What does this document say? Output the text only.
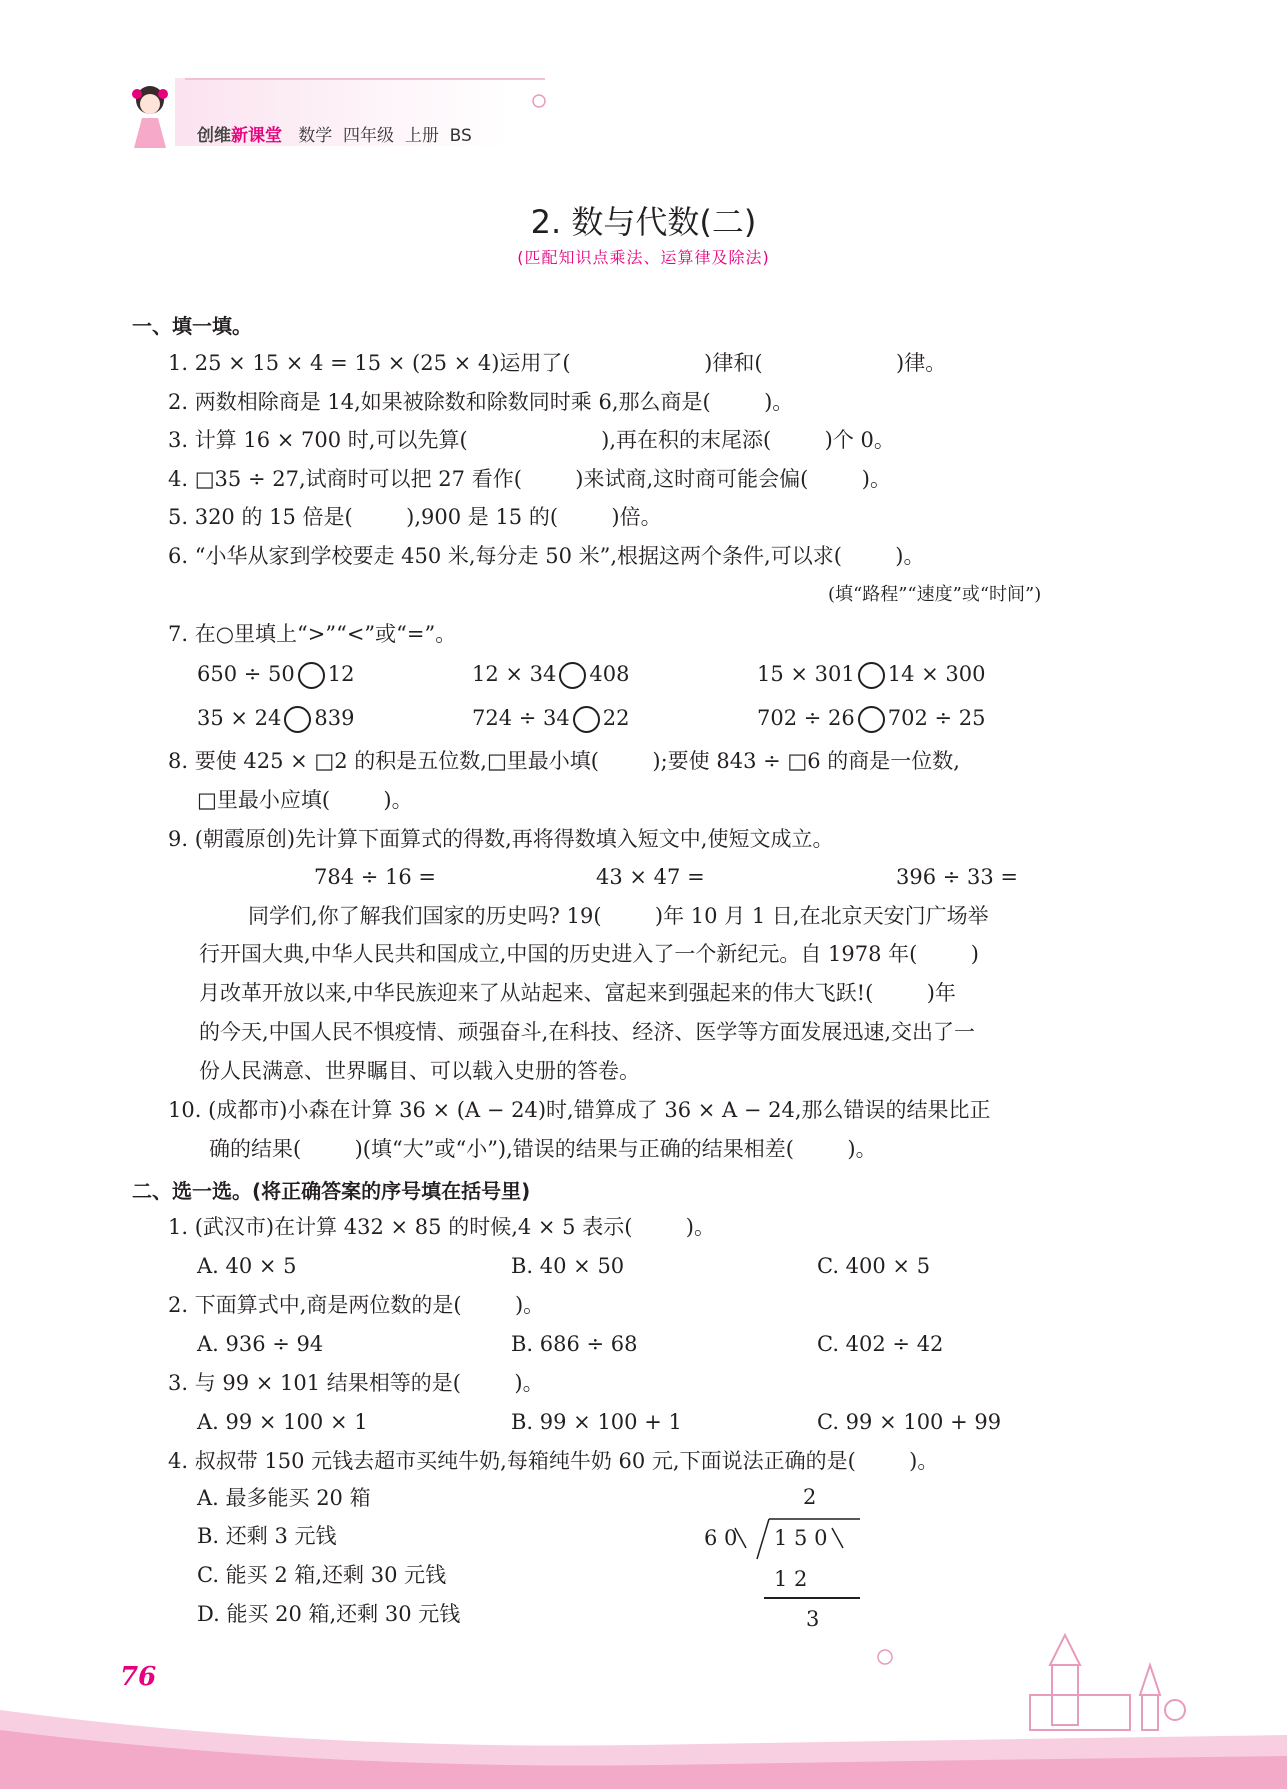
创维新课堂 数学 四年级 上册 BS
2. 数与代数(二)
(匹配知识点乘法、运算律及除法)
一、填一填。
1. 25 × 15 × 4 = 15 × (25 × 4)运用了(                    )律和(                    )律。
2. 两数相除商是 14,如果被除数和除数同时乘 6,那么商是(        )。
3. 计算 16 × 700 时,可以先算(                    ),再在积的末尾添(        )个 0。
4. □35 ÷ 27,试商时可以把 27 看作(        )来试商,这时商可能会偏(        )。
5. 320 的 15 倍是(        ),900 是 15 的(        )倍。
6. “小华从家到学校要走 450 米,每分走 50 米”,根据这两个条件,可以求(        )。
(填“路程”“速度”或“时间”)
7. 在○里填上“>”“<”或“=”。
650 ÷ 50 12	12 × 34 408	15 × 301 14 × 300
35 × 24 839	724 ÷ 34 22	702 ÷ 26 702 ÷ 25
8. 要使 425 × □2 的积是五位数,□里最小填(        );要使 843 ÷ □6 的商是一位数,
□里最小应填(        )。
9. (朝霞原创)先计算下面算式的得数,再将得数填入短文中,使短文成立。
784 ÷ 16 =	43 × 47 =	396 ÷ 33 =
同学们,你了解我们国家的历史吗? 19(        )年 10 月 1 日,在北京天安门广场举
行开国大典,中华人民共和国成立,中国的历史进入了一个新纪元。自 1978 年(        )
月改革开放以来,中华民族迎来了从站起来、富起来到强起来的伟大飞跃!(        )年
的今天,中国人民不惧疫情、顽强奋斗,在科技、经济、医学等方面发展迅速,交出了一
份人民满意、世界瞩目、可以载入史册的答卷。
10. (成都市)小森在计算 36 × (A − 24)时,错算成了 36 × A − 24,那么错误的结果比正
确的结果(        )(填“大”或“小”),错误的结果与正确的结果相差(        )。
二、选一选。(将正确答案的序号填在括号里)
1. (武汉市)在计算 432 × 85 的时候,4 × 5 表示(        )。
A. 40 × 5	B. 40 × 50	C. 400 × 5
2. 下面算式中,商是两位数的是(        )。
A. 936 ÷ 94	B. 686 ÷ 68	C. 402 ÷ 42
3. 与 99 × 101 结果相等的是(        )。
A. 99 × 100 × 1	B. 99 × 100 + 1	C. 99 × 100 + 99
4. 叔叔带 150 元钱去超市买纯牛奶,每箱纯牛奶 60 元,下面说法正确的是(        )。
A. 最多能买 20 箱
B. 还剩 3 元钱
C. 能买 2 箱,还剩 30 元钱
D. 能买 20 箱,还剩 30 元钱
2
6 0 1 5 0
1 2
3
76
